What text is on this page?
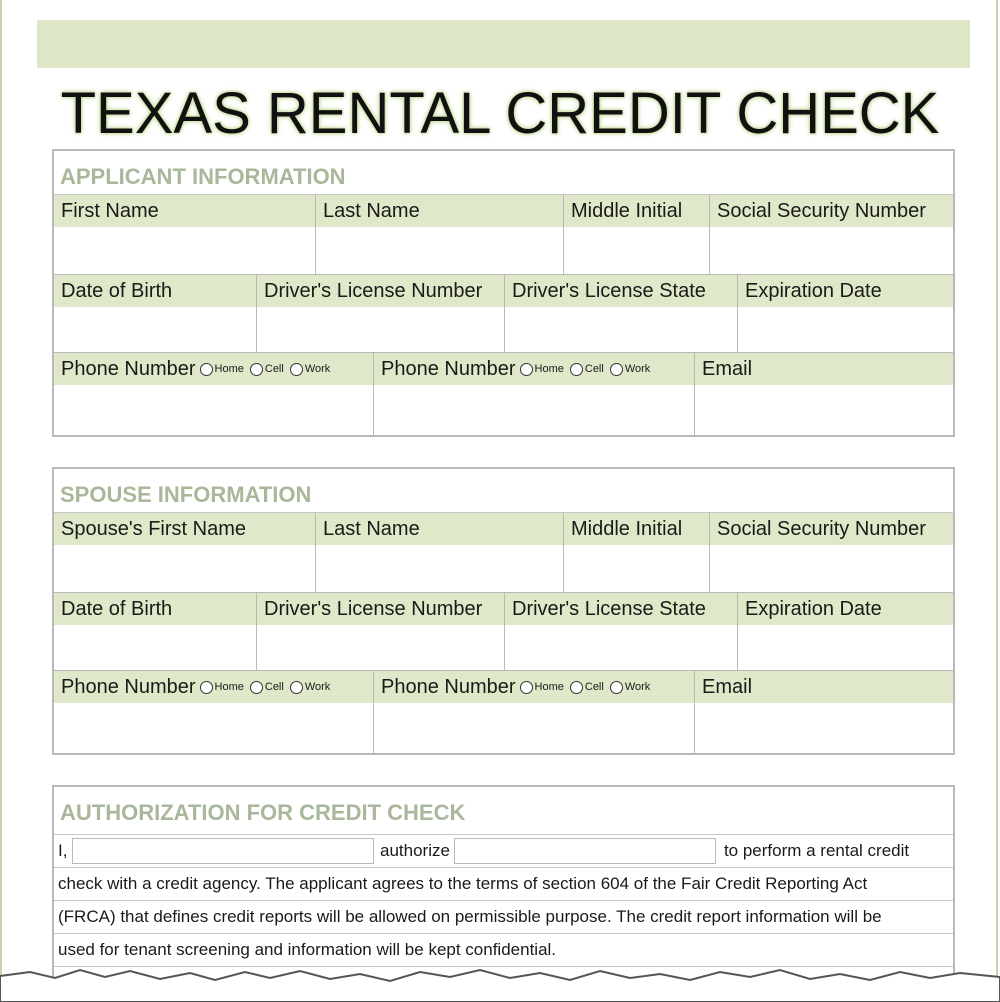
TEXAS RENTAL CREDIT CHECK
APPLICANT INFORMATION
First Name	Last Name	Middle Initial	Social Security Number
Date of Birth	Driver's License Number	Driver's License State	Expiration Date
Phone Number Home Cell Work	Phone Number Home Cell Work	Email
SPOUSE INFORMATION
Spouse's First Name	Last Name	Middle Initial	Social Security Number
Date of Birth	Driver's License Number	Driver's License State	Expiration Date
Phone Number Home Cell Work	Phone Number Home Cell Work	Email
AUTHORIZATION FOR CREDIT CHECK
I,	authorize	to perform a rental credit
check with a credit agency. The applicant agrees to the terms of section 604 of the Fair Credit Reporting Act
(FRCA) that defines credit reports will be allowed on permissible purpose. The credit report information will be
used for tenant screening and information will be kept confidential.
